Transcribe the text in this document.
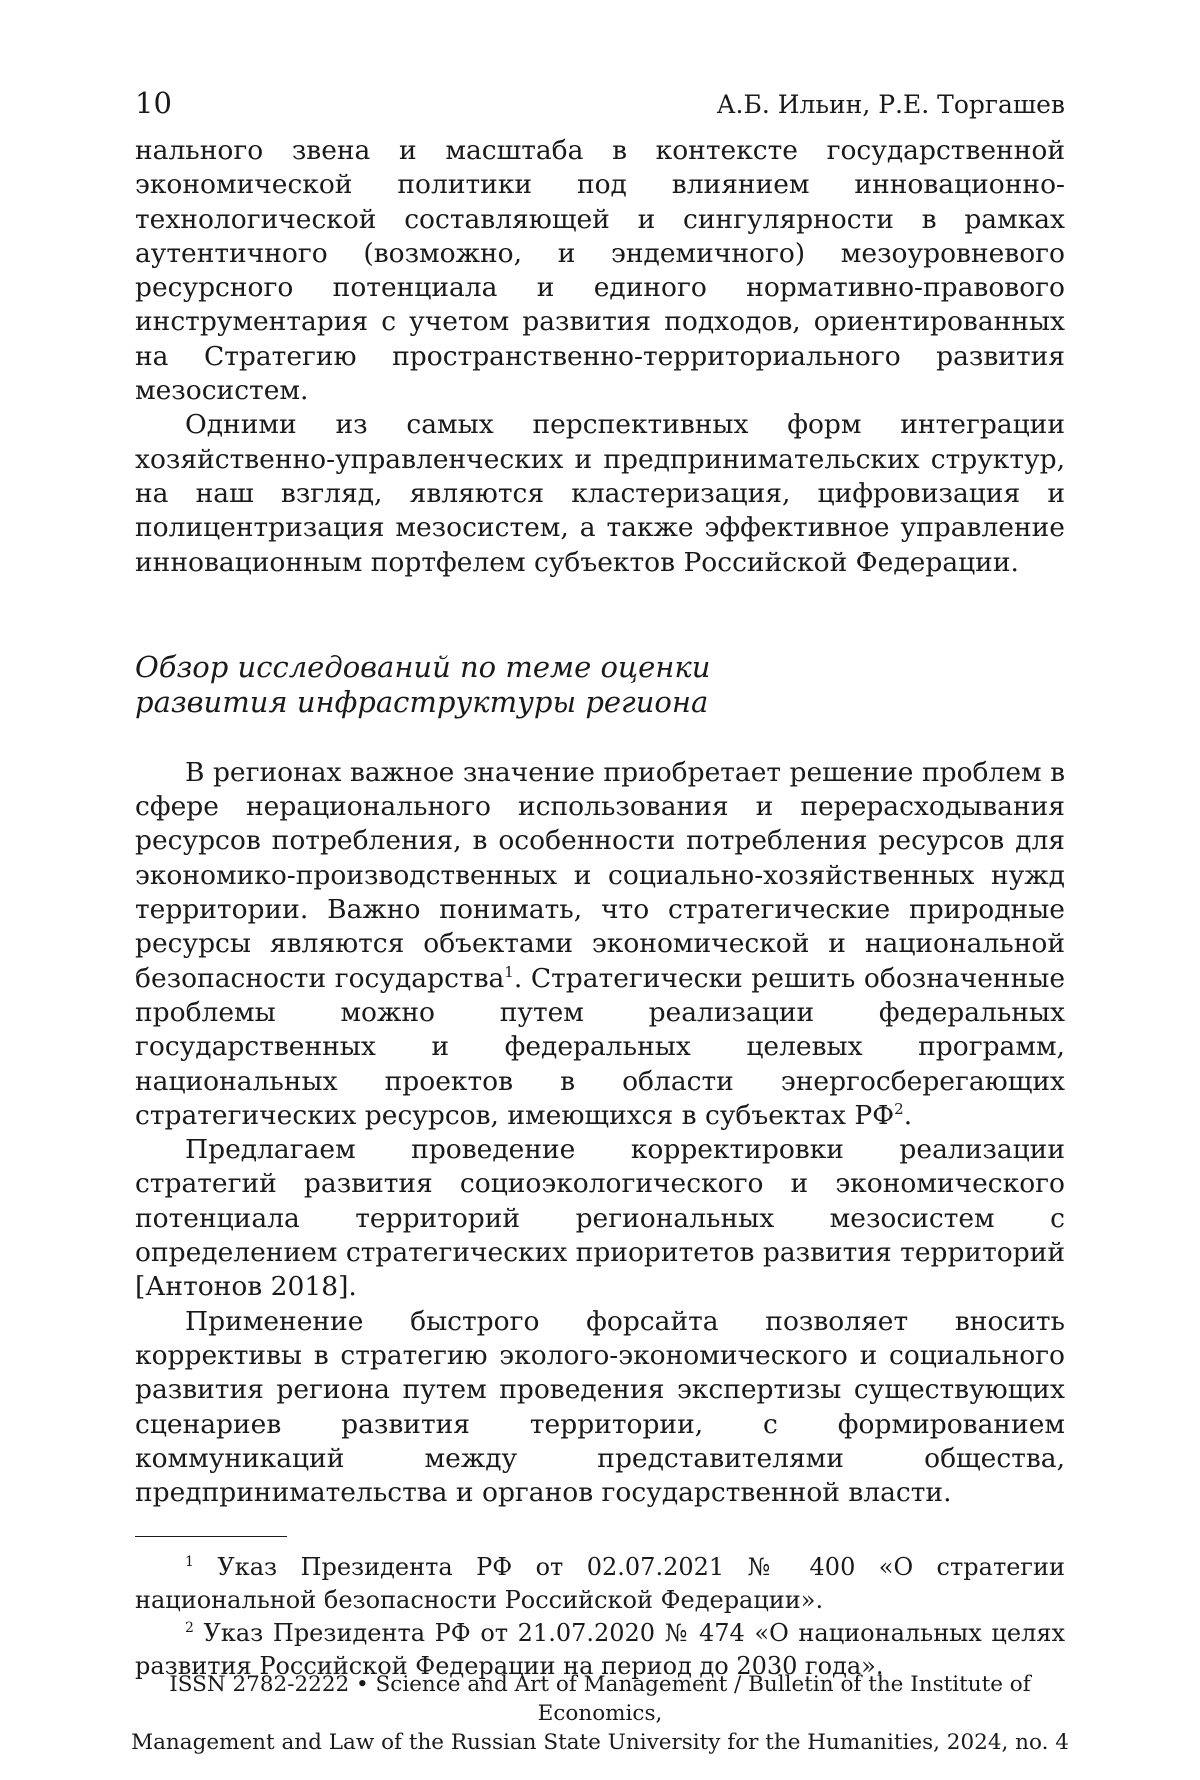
10	А.Б. Ильин, Р.Е. Торгашев

нального звена и масштаба в контексте государственной экономической политики под влиянием инновационно-технологической составляющей и сингулярности в рамках аутентичного (возможно, и эндемичного) мезоуровневого ресурсного потенциала и единого нормативно-правового инструментария с учетом развития подходов, ориентированных на Стратегию пространственно-территориального развития мезосистем.

Одними из самых перспективных форм интеграции хозяйственно-управленческих и предпринимательских структур, на наш взгляд, являются кластеризация, цифровизация и полицентризация мезосистем, а также эффективное управление инновационным портфелем субъектов Российской Федерации.

Обзор исследований по теме оценки
развития инфраструктуры региона

В регионах важное значение приобретает решение проблем в сфере нерационального использования и перерасходывания ресурсов потребления, в особенности потребления ресурсов для экономико-производственных и социально-хозяйственных нужд территории. Важно понимать, что стратегические природные ресурсы являются объектами экономической и национальной безопасности государства$^1$. Стратегически решить обозначенные проблемы можно путем реализации федеральных государственных и федеральных целевых программ, национальных проектов в области энергосберегающих стратегических ресурсов, имеющихся в субъектах $РФ^2$.

Предлагаем проведение корректировки реализации стратегий развития социоэкологического и экономического потенциала территорий региональных мезосистем с определением стратегических приоритетов развития территорий [Антонов 2018].

Применение быстрого форсайта позволяет вносить коррективы в стратегию эколого-экономического и социального развития региона путем проведения экспертизы существующих сценариев развития территории, с формированием коммуникаций между представителями общества, предпринимательства и органов государственной власти.

$^1$ Указ Президента РФ от 02.07.2021 № 400 «О стратегии национальной безопасности Российской Федерации».

$^2$ Указ Президента РФ от 21.07.2020 № 474 «О национальных целях развития Российской Федерации на период до 2030 года».

ISSN 2782-2222 • Science and Art of Management / Bulletin of the Institute of Economics,
Management and Law of the Russian State University for the Humanities, 2024, no. 4
